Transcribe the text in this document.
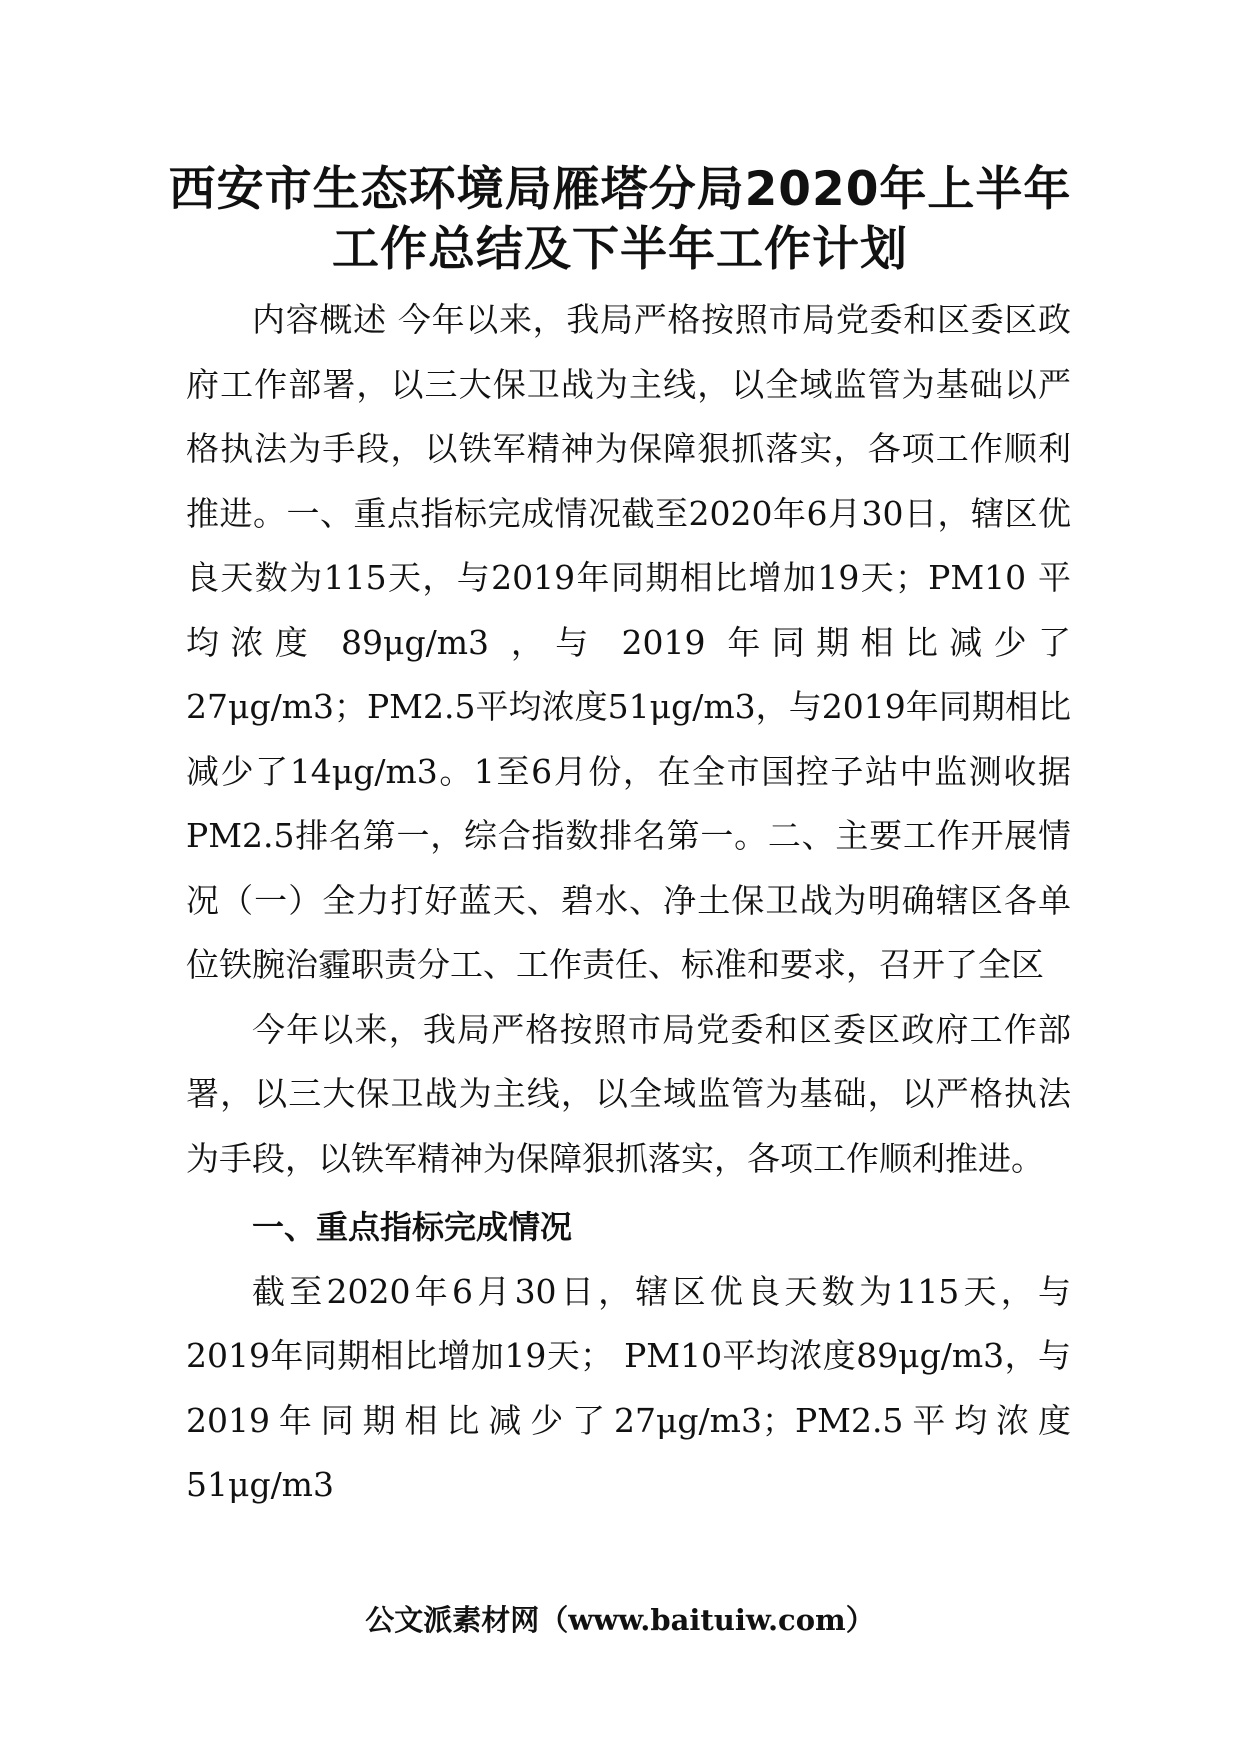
西安市生态环境局雁塔分局2020年上半年
工作总结及下半年工作计划

内容概述 今年以来，我局严格按照市局党委和区委区政府工作部署，以三大保卫战为主线，以全域监管为基础以严格执法为手段，以铁军精神为保障狠抓落实，各项工作顺利推进。一、重点指标完成情况截至2020年6月30日，辖区优良天数为115天，与2019年同期相比增加19天；PM10 平均浓度 89μg/m3 ，与 2019 年同期相比减少了 27μg/m3；PM2.5平均浓度51μg/m3，与2019年同期相比减少了14μg/m3。1至6月份，在全市国控子站中监测收据PM2.5排名第一，综合指数排名第一。二、主要工作开展情况（一）全力打好蓝天、碧水、净土保卫战为明确辖区各单位铁腕治霾职责分工、工作责任、标准和要求，召开了全区

今年以来，我局严格按照市局党委和区委区政府工作部署，以三大保卫战为主线，以全域监管为基础，以严格执法为手段，以铁军精神为保障狠抓落实，各项工作顺利推进。

一、重点指标完成情况

截至2020年6月30日，辖区优良天数为115天，与2019年同期相比增加19天； PM10平均浓度89μg/m3，与2019年同期相比减少了27μg/m3；PM2.5平均浓度51μg/m3

公文派素材网（www.baituiw.com）
